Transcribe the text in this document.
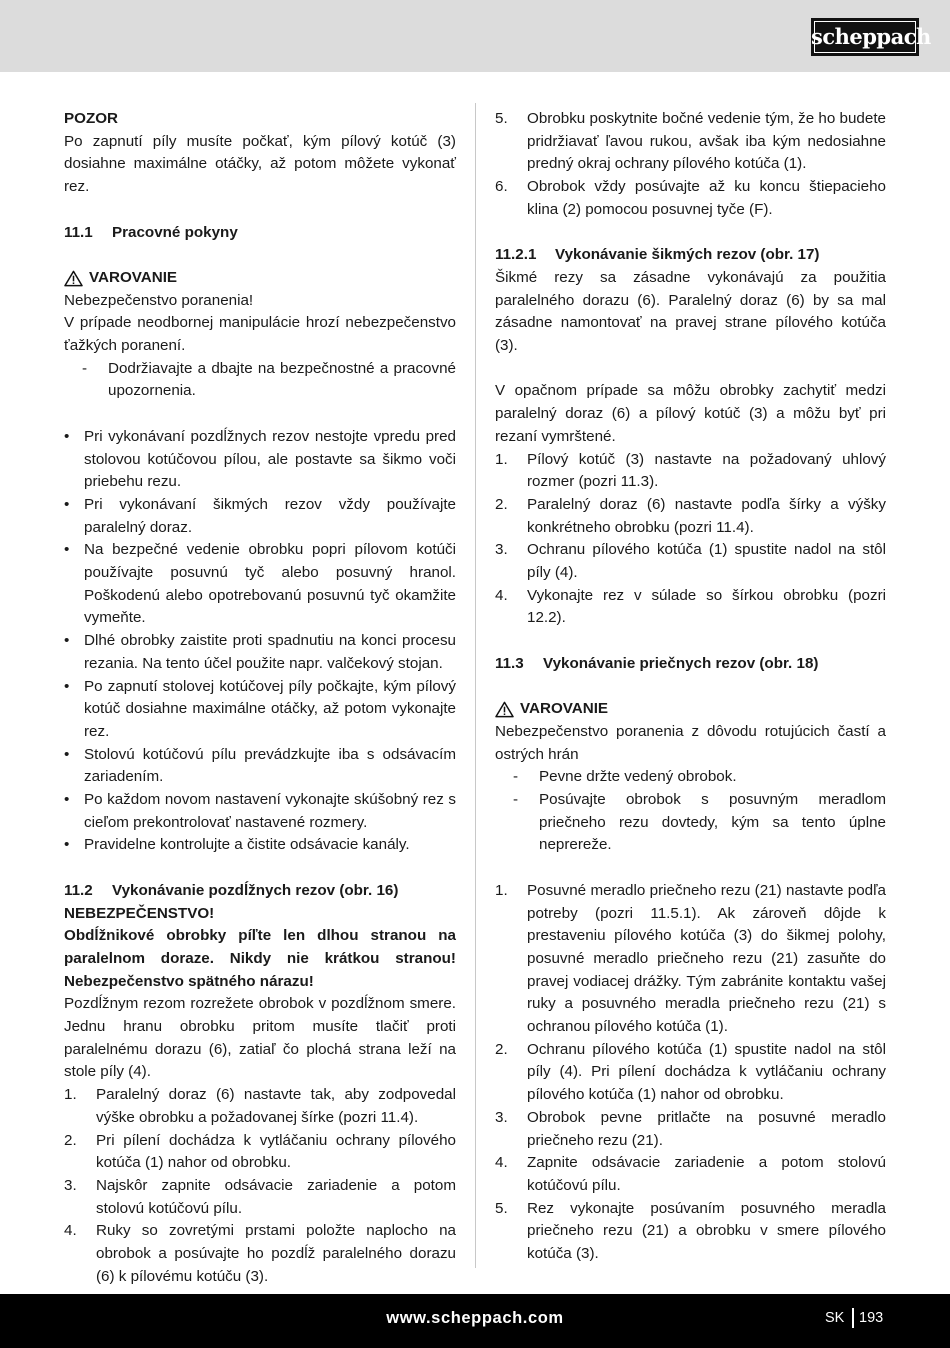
scheppach
POZOR
Po zapnutí píly musíte počkať, kým pílový kotúč (3) dosiahne maximálne otáčky, až potom môžete vykonať rez.
11.1	Pracovné pokyny
VAROVANIE
Nebezpečenstvo poranenia!
V prípade neodbornej manipulácie hrozí nebezpečenstvo ťažkých poranení.
-	Dodržiavajte a dbajte na bezpečnostné a pracovné upozornenia.
• Pri vykonávaní pozdĺžnych rezov nestojte vpredu pred stolovou kotúčovou pílou, ale postavte sa šikmo voči priebehu rezu.
• Pri vykonávaní šikmých rezov vždy používajte paralelný doraz.
• Na bezpečné vedenie obrobku popri pílovom kotúči používajte posuvnú tyč alebo posuvný hranol. Poškodenú alebo opotrebovanú posuvnú tyč okamžite vymeňte.
• Dlhé obrobky zaistite proti spadnutiu na konci procesu rezania. Na tento účel použite napr. valčekový stojan.
• Po zapnutí stolovej kotúčovej píly počkajte, kým pílový kotúč dosiahne maximálne otáčky, až potom vykonajte rez.
• Stolovú kotúčovú pílu prevádzkujte iba s odsávacím zariadením.
• Po každom novom nastavení vykonajte skúšobný rez s cieľom prekontrolovať nastavené rozmery.
• Pravidelne kontrolujte a čistite odsávacie kanály.
11.2	Vykonávanie pozdĺžnych rezov (obr. 16)
NEBEZPEČENSTVO!
Obdĺžnikové obrobky píľte len dlhou stranou na paralelnom doraze. Nikdy nie krátkou stranou! Nebezpečenstvo spätného nárazu!
Pozdĺžnym rezom rozrežete obrobok v pozdĺžnom smere. Jednu hranu obrobku pritom musíte tlačiť proti paralelnému dorazu (6), zatiaľ čo plochá strana leží na stole píly (4).
1.	Paralelný doraz (6) nastavte tak, aby zodpovedal výške obrobku a požadovanej šírke (pozri 11.4).
2.	Pri pílení dochádza k vytláčaniu ochrany pílového kotúča (1) nahor od obrobku.
3.	Najskôr zapnite odsávacie zariadenie a potom stolovú kotúčovú pílu.
4.	Ruky so zovretými prstami položte naplocho na obrobok a posúvajte ho pozdĺž paralelného dorazu (6) k pílovému kotúču (3).
5.	Obrobku poskytnite bočné vedenie tým, že ho budete pridržiavať ľavou rukou, avšak iba kým nedosiahne predný okraj ochrany pílového kotúča (1).
6.	Obrobok vždy posúvajte až ku koncu štiepacieho klina (2) pomocou posuvnej tyče (F).
11.2.1	Vykonávanie šikmých rezov (obr. 17)
Šikmé rezy sa zásadne vykonávajú za použitia paralelného dorazu (6). Paralelný doraz (6) by sa mal zásadne namontovať na pravej strane pílového kotúča (3).
V opačnom prípade sa môžu obrobky zachytiť medzi paralelný doraz (6) a pílový kotúč (3) a môžu byť pri rezaní vymrštené.
1.	Pílový kotúč (3) nastavte na požadovaný uhlový rozmer (pozri 11.3).
2.	Paralelný doraz (6) nastavte podľa šírky a výšky konkrétneho obrobku (pozri 11.4).
3.	Ochranu pílového kotúča (1) spustite nadol na stôl píly (4).
4.	Vykonajte rez v súlade so šírkou obrobku (pozri 12.2).
11.3	Vykonávanie priečnych rezov (obr. 18)
VAROVANIE
Nebezpečenstvo poranenia z dôvodu rotujúcich častí a ostrých hrán
-	Pevne držte vedený obrobok.
-	Posúvajte obrobok s posuvným meradlom priečneho rezu dovtedy, kým sa tento úplne neprereže.
1.	Posuvné meradlo priečneho rezu (21) nastavte podľa potreby (pozri 11.5.1). Ak zároveň dôjde k prestaveniu pílového kotúča (3) do šikmej polohy, posuvné meradlo priečneho rezu (21) zasuňte do pravej vodiacej drážky. Tým zabránite kontaktu vašej ruky a posuvného meradla priečneho rezu (21) s ochranou pílového kotúča (1).
2.	Ochranu pílového kotúča (1) spustite nadol na stôl píly (4). Pri pílení dochádza k vytláčaniu ochrany pílového kotúča (1) nahor od obrobku.
3.	Obrobok pevne pritlačte na posuvné meradlo priečneho rezu (21).
4.	Zapnite odsávacie zariadenie a potom stolovú kotúčovú pílu.
5.	Rez vykonajte posúvaním posuvného meradla priečneho rezu (21) a obrobku v smere pílového kotúča (3).
www.scheppach.com	SK 193
